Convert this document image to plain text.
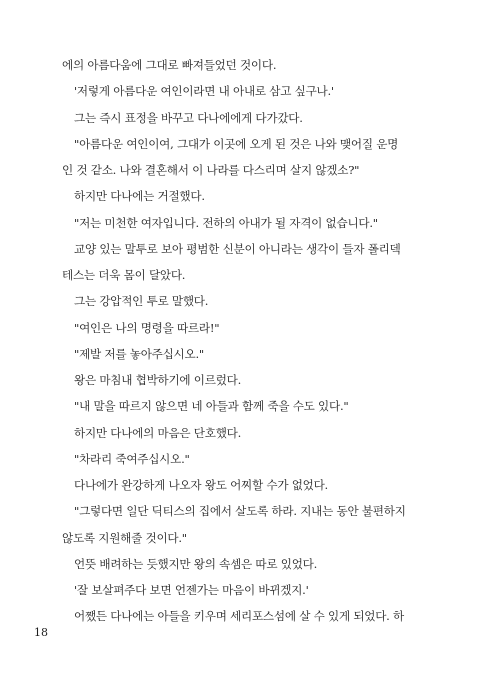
에의 아름다움에 그대로 빠져들었던 것이다.

'저렇게 아름다운 여인이라면 내 아내로 삼고 싶구나.'

그는 즉시 표정을 바꾸고 다나에에게 다가갔다.

"아름다운 여인이여, 그대가 이곳에 오게 된 것은 나와 맺어질 운명

인 것 같소. 나와 결혼해서 이 나라를 다스리며 살지 않겠소?"

하지만 다나에는 거절했다.

"저는 미천한 여자입니다. 전하의 아내가 될 자격이 없습니다."

교양 있는 말투로 보아 평범한 신분이 아니라는 생각이 들자 폴리덱

테스는 더욱 몸이 달았다.

그는 강압적인 투로 말했다.

"여인은 나의 명령을 따르라!"

"제발 저를 놓아주십시오."

왕은 마침내 협박하기에 이르렀다.

"내 말을 따르지 않으면 네 아들과 함께 죽을 수도 있다."

하지만 다나에의 마음은 단호했다.

"차라리 죽여주십시오."

다나에가 완강하게 나오자 왕도 어찌할 수가 없었다.

"그렇다면 일단 딕티스의 집에서 살도록 하라. 지내는 동안 불편하지

않도록 지원해줄 것이다."

언뜻 배려하는 듯했지만 왕의 속셈은 따로 있었다.

'잘 보살펴주다 보면 언젠가는 마음이 바뀌겠지.'

어쨌든 다나에는 아들을 키우며 세리포스섬에 살 수 있게 되었다. 하

18
